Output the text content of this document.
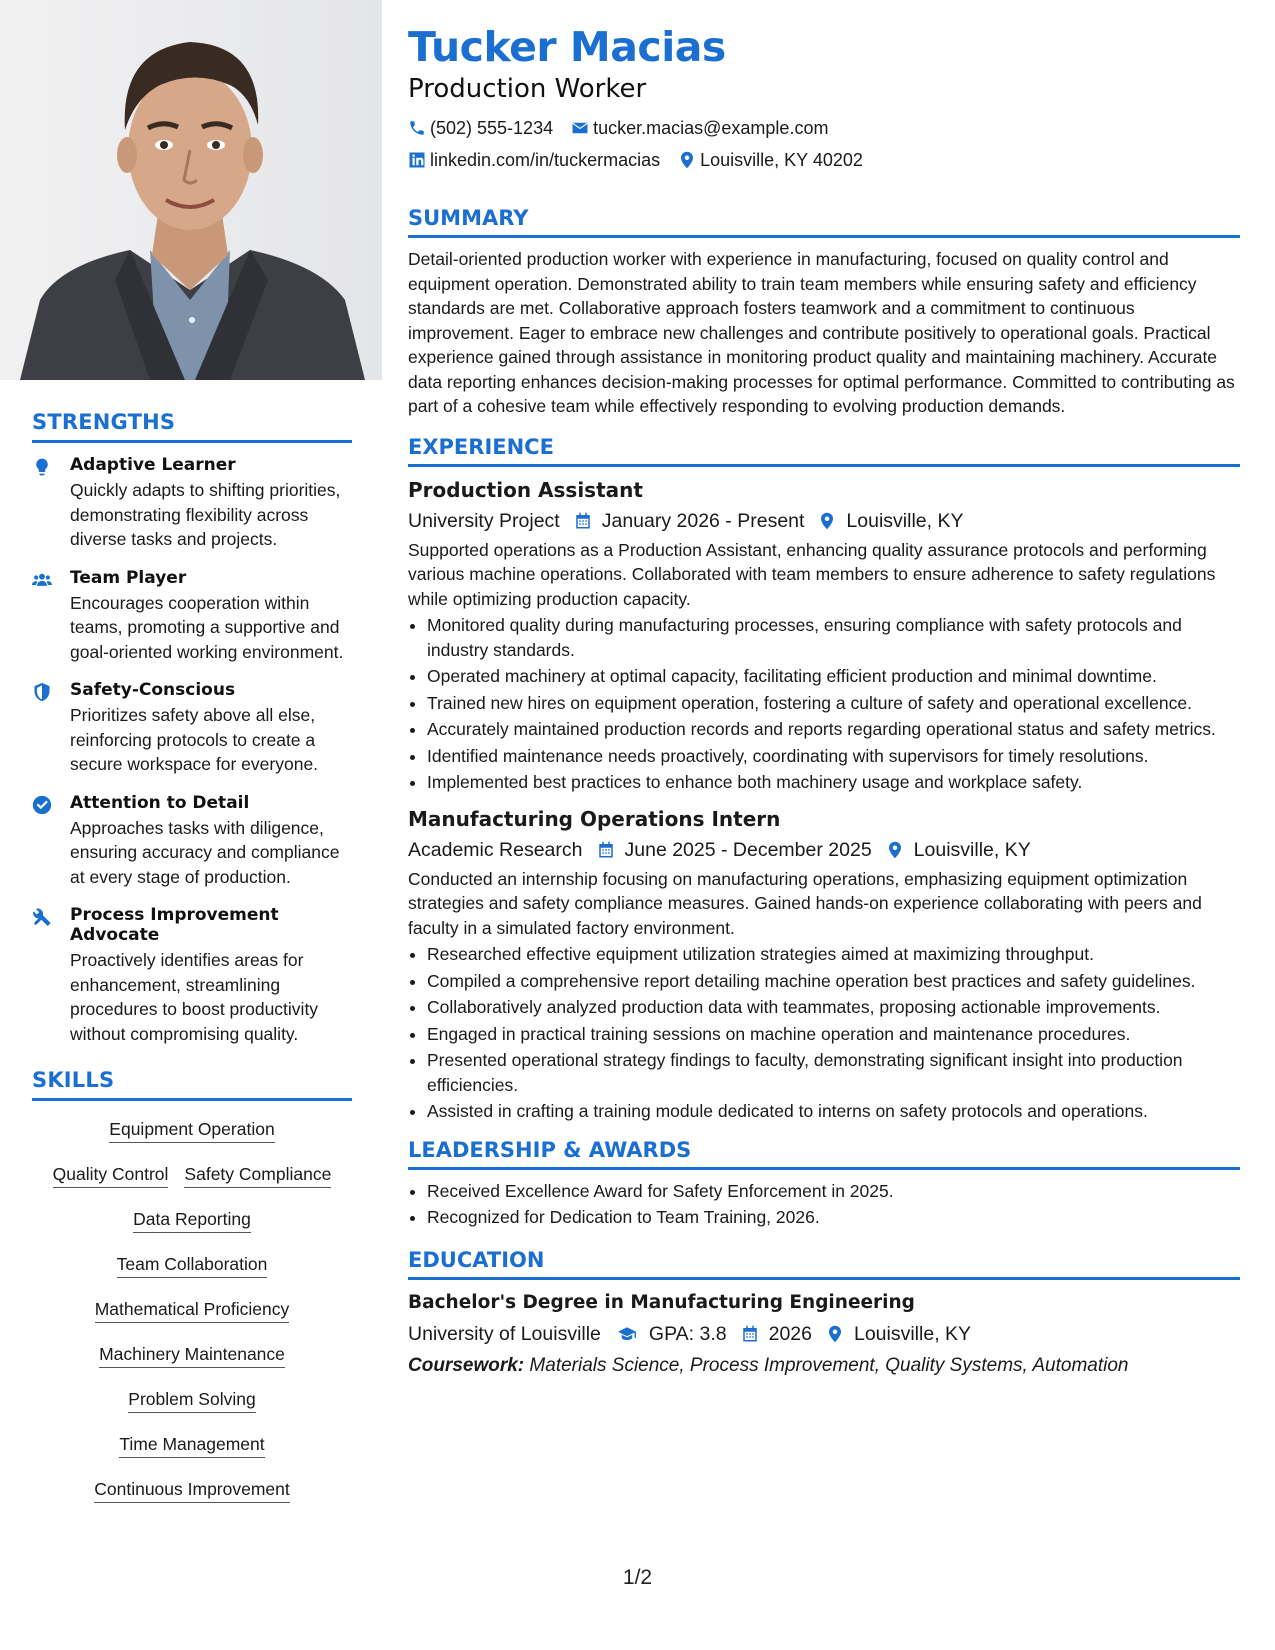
STRENGTHS
Adaptive Learner
Quickly adapts to shifting priorities, demonstrating flexibility across diverse tasks and projects.
Team Player
Encourages cooperation within teams, promoting a supportive and goal-oriented working environment.
Safety-Conscious
Prioritizes safety above all else, reinforcing protocols to create a secure workspace for everyone.
Attention to Detail
Approaches tasks with diligence, ensuring accuracy and compliance at every stage of production.
Process Improvement Advocate
Proactively identifies areas for enhancement, streamlining procedures to boost productivity without compromising quality.
SKILLS
Equipment Operation
Quality Control Safety Compliance
Data Reporting
Team Collaboration
Mathematical Proficiency
Machinery Maintenance
Problem Solving
Time Management
Continuous Improvement
Tucker Macias
Production Worker
(502) 555-1234 tucker.macias@example.com
linkedin.com/in/tuckermacias Louisville, KY 40202
SUMMARY
Detail-oriented production worker with experience in manufacturing, focused on quality control and equipment operation. Demonstrated ability to train team members while ensuring safety and efficiency standards are met. Collaborative approach fosters teamwork and a commitment to continuous improvement. Eager to embrace new challenges and contribute positively to operational goals. Practical experience gained through assistance in monitoring product quality and maintaining machinery. Accurate data reporting enhances decision-making processes for optimal performance. Committed to contributing as part of a cohesive team while effectively responding to evolving production demands.
EXPERIENCE
Production Assistant
University Project January 2026 - Present Louisville, KY
Supported operations as a Production Assistant, enhancing quality assurance protocols and performing various machine operations. Collaborated with team members to ensure adherence to safety regulations while optimizing production capacity.
• Monitored quality during manufacturing processes, ensuring compliance with safety protocols and industry standards.
• Operated machinery at optimal capacity, facilitating efficient production and minimal downtime.
• Trained new hires on equipment operation, fostering a culture of safety and operational excellence.
• Accurately maintained production records and reports regarding operational status and safety metrics.
• Identified maintenance needs proactively, coordinating with supervisors for timely resolutions.
• Implemented best practices to enhance both machinery usage and workplace safety.
Manufacturing Operations Intern
Academic Research June 2025 - December 2025 Louisville, KY
Conducted an internship focusing on manufacturing operations, emphasizing equipment optimization strategies and safety compliance measures. Gained hands-on experience collaborating with peers and faculty in a simulated factory environment.
• Researched effective equipment utilization strategies aimed at maximizing throughput.
• Compiled a comprehensive report detailing machine operation best practices and safety guidelines.
• Collaboratively analyzed production data with teammates, proposing actionable improvements.
• Engaged in practical training sessions on machine operation and maintenance procedures.
• Presented operational strategy findings to faculty, demonstrating significant insight into production efficiencies.
• Assisted in crafting a training module dedicated to interns on safety protocols and operations.
LEADERSHIP & AWARDS
• Received Excellence Award for Safety Enforcement in 2025.
• Recognized for Dedication to Team Training, 2026.
EDUCATION
Bachelor's Degree in Manufacturing Engineering
University of Louisville GPA: 3.8 2026 Louisville, KY
Coursework: Materials Science, Process Improvement, Quality Systems, Automation
1/2
